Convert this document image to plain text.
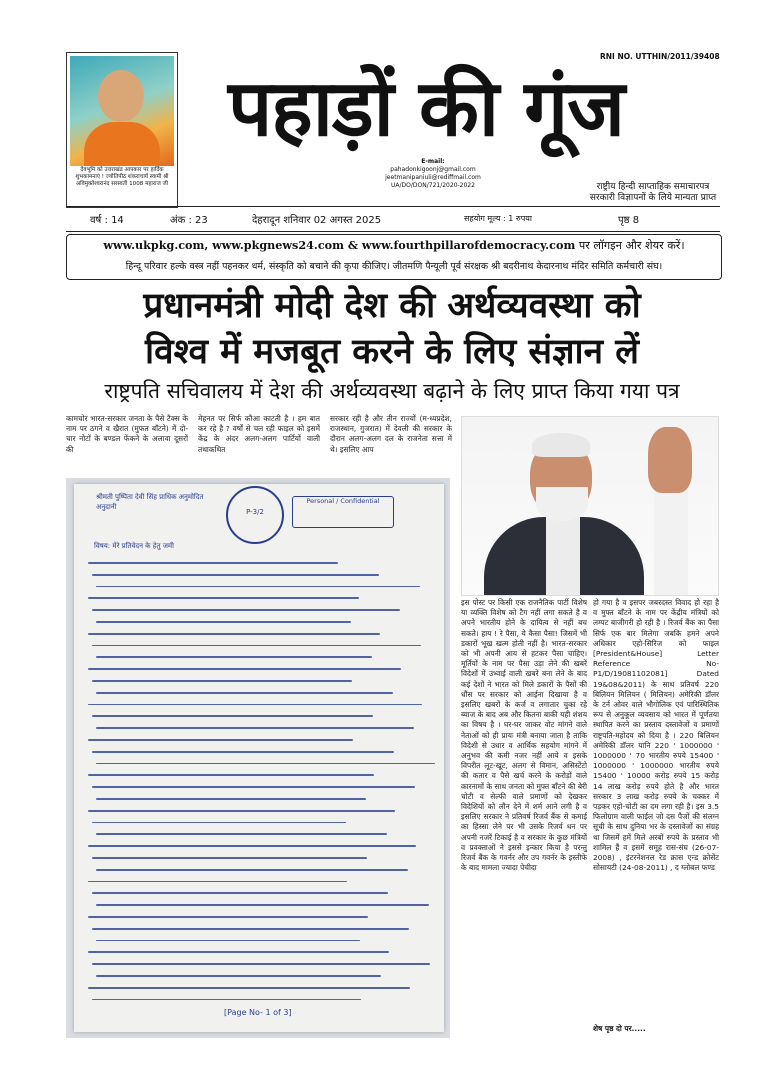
देवभूमि को उत्तराखंड आपकार पर हार्दिक शुभकामनाएं ! ज्योतिपीठ शंकराचार्य स्वामी श्री अविमुक्तेश्वरानंद सरस्वती 1008 महाराज जी
RNI NO. UTTHIN/2011/39408
पहाड़ों की गूंज
E-mail:
pahadonkigoonj@gmail.com
jeetmanipaniuli@rediffmail.com
UA/DO/DON/721/2020-2022	राष्ट्रीय हिन्दी साप्ताहिक समाचारपत्र
सरकारी विज्ञापनों के लिये मान्यता प्राप्त
वर्ष : 14	अंक : 23	देहरादून शनिवार 02 अगस्त 2025	सहयोग मूल्य : 1 रुपया	पृष्ठ 8
www.ukpkg.com, www.pkgnews24.com & www.fourthpillarofdemocracy.com पर लॉगइन और शेयर करें।
हिन्दू परिवार हल्के वस्त्र नहीं पहनकर धर्म, संस्कृति को बचाने की कृपा कीजिए। जीतमणि पैन्यूली पूर्व संरक्षक श्री बदरीनाथ केदारनाथ मंदिर समिति कर्मचारी संघ।
प्रधानमंत्री मोदी देश की अर्थव्यवस्था को
विश्व में मजबूत करने के लिए संज्ञान लें
राष्ट्रपति सचिवालय में देश की अर्थव्यवस्था बढ़ाने के लिए प्राप्त किया गया पत्र

कामचोर भारत-सरकार जनता के पैसे टैक्स के नाम पर ठगने व खैरात (मुफत बाँटने) में दो-चार नोटों के बण्डल फेंकने के अलावा दूसरों की

मेहनत पर सिर्फ कौआ काटती है । हम बात कर रहे है ? वर्षों से चल रही फाइल को इसमें केंद्र के अंदर अलग-अलग पार्टियों वाली तथाकथित

सरकार रही है और तीन राज्यों (म-ध्यप्रदेश, राजस्थान, गुजरात) में देवली की सरकार के दौरान अलग-अलग दल के राजनेता सत्ता में थे। इसलिए आप

श्रीमती पुष्पिता देवी सिंह प्राधिक अनुमोदित अनुदानी
P-3/2
Personal / Confidential
विषय: मेरे प्रतिवेदन के हेतु जमी
[Page No- 1 of 3]

इस पोस्ट पर किसी एक राजनैतिक पार्टी विशेष या व्यक्ति विशेष को टैग नहीं लगा सकते है व अपने भारतीय होने के दायित्व से नहीं बच सकते। हाय ! रे पैसा, ये कैसा पैसा! जिसमें भी डकारों भूख खत्म होती नहीं है। भारत-सरकार को भी अपनी आय से हटकर पैसा चाहिए। मूर्तियों के नाम पर पैसा उड़ा लेने की खबरें विदेशों में उभ्वाई वाली खबरें बना लेने के बाद कई देशों ने भारत को मिले डकारों के पैसों की धौंस पर सरकार को आईना दिखाया है व इसलिए खबरों के कर्ज व लगातार चुका रहे ब्याज के बाद अब और कितना बाकी यही शंशय का विषय है । घर-घर जाकर वोट मांगने वाले नेताओं को ही प्रायः मंत्री बनाया जाता है ताकि विदेशी से उधार व आर्थिक सहयोग मांगने में अनुभव की कमी नजर नहीं आये व इसके विपरीत लूट-खूट, अलग से विमान, असिस्टेंटो की कतार व पैसे खर्च करने के करोड़ों वाले कारनामों के साथ जनता को मुफ्त बाँटने की बेरी चोटी व सेल्फी वाले प्रमाणों को देखकर विदेशियों को लौन देने में शर्म आने लगी है व इसलिए सरकार ने प्रतिवर्ष रिजर्व बैंक से कमाई का हिस्सा लेने पर भी उसके रिजर्व धन पर अपनी नजरें टिकाई है व सरकार के कुछ मंत्रियों व प्रवक्ताओं ने इससे इन्कार किया है परन्तु रिजर्व बैंक के गवर्नर और उप गवर्नर के इस्तीफे के बाद मामला ज्यादा पेचीदा

हो गया है व इसपर जबरदस्त विवाद हो रहा है व मुफ्त बाँटने के नाम पर केंद्रीय मंत्रियों को लम्पट बाजीगरी हो रही है । रिजर्व बैंक का पैसा सिर्फ एक बार मिलेगा जबकि हमने अपने अधिकार एहो-सिरिज को फाइल [President&House] Letter Reference No-P1/D/19081102081] Dated 19&08&2011) के साथ प्रतिवर्ष 220 बिलियन मिलियन ( मिलियन) अमेरिकी डॉलर के टर्न ओवर वाले भौगोलिक एवं पारिस्थितिक रूप से अनुकूल व्यवसाय को भारत में पूर्णतया स्थापित करने का प्रस्ताव दस्तावेजों व प्रमाणों राष्ट्रपति-महोदय को दिया है । 220 बिलियन अमेरिकी डॉलर यानि 220 ' 1000000 ' 1000000 ' 70 भारतीय रुपये 15400 ' 1000000 ' 1000000 भारतीय रुपये 15400 ' 10000 करोड़ रुपये 15 करोड़ 14 लाख करोड़ रुपये होते है और भारत सरकार 3 लाख करोड़ रुपये के चक्कर में पड़कर एहो-चोटी का दम लगा रही है। इस 3.5 फिलोग्राम वाली फाईल जो दस पैजों की संलग्न सूची के साथ दुनिया भर के दस्तावेजों का संग्रह था जिसमें हमें मिले अरबों रुपये के प्रस्ताव भी शामिल हैं व इसमें समूह रास-संघ (26-07-2008) , इंटरनेशनल रेड क्रास एन्ड क्रोसेंट सोसायटी (24-08-2011) , द ग्लोबल फण्ड

शेष पृष्ठ दो पर.....
